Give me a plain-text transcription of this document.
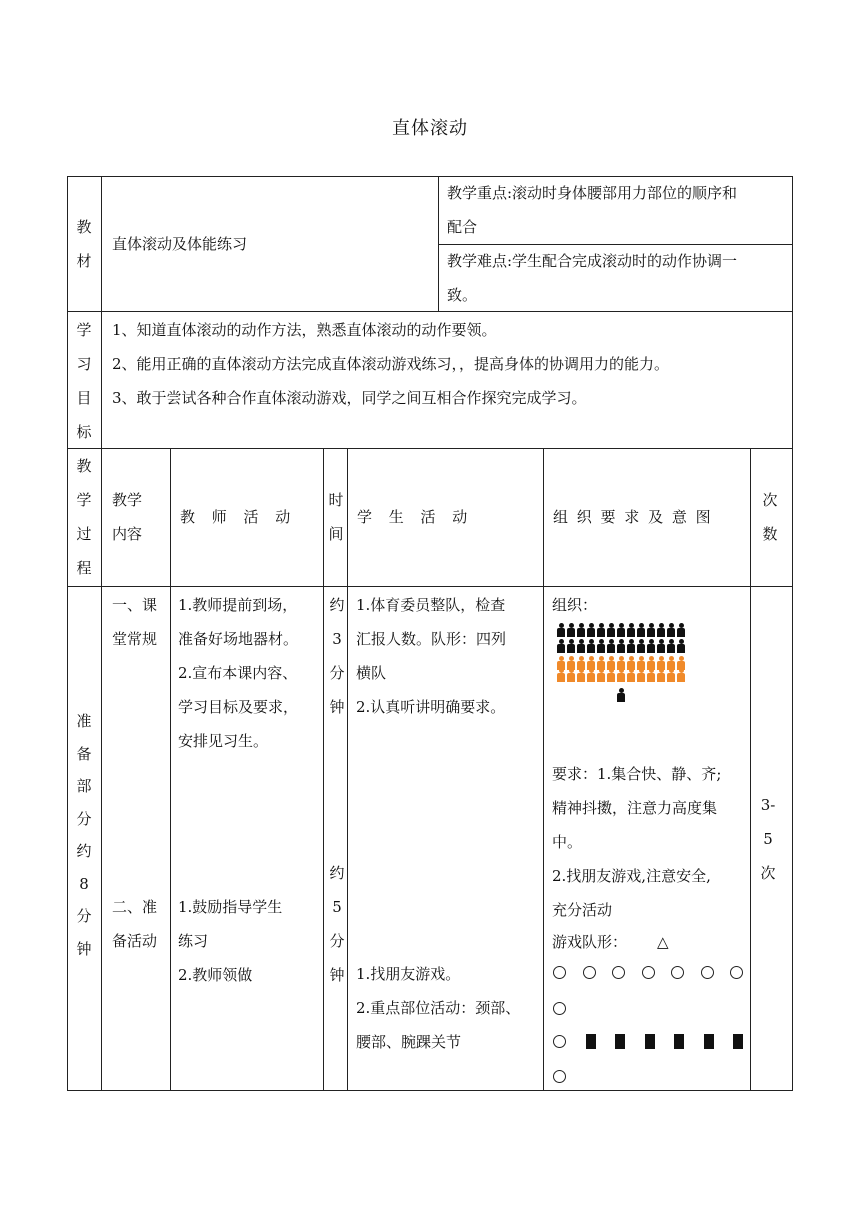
直体滚动
教
材
直体滚动及体能练习
教学重点:滚动时身体腰部用力部位的顺序和
配合
教学难点:学生配合完成滚动时的动作协调一
致。
学
习
目
标
1、知道直体滚动的动作方法，熟悉直体滚动的动作要领。
2、能用正确的直体滚动方法完成直体滚动游戏练习，，提高身体的协调用力的能力。
3、敢于尝试各种合作直体滚动游戏，同学之间互相合作探究完成学习。
教
学
过
程
教学
内容
教 师 活 动
时
间
学 生 活 动	组 织 要 求 及 意 图
次
数
准
备
部
分
约
8
分
钟
一、课
堂常规
1.教师提前到场，
准备好场地器材。
2.宣布本课内容、
学习目标及要求，
安排见习生。
约
3
分
钟
1.体育委员整队，检查
汇报人数。队形：四列
横队
2.认真听讲明确要求。
二、准
备活动
1.鼓励指导学生
练习
2.教师领做
约
5
分
钟 1.找朋友游戏。
2.重点部位活动：颈部、
腰部、腕踝关节
组织：
要求：1.集合快、静、齐;
精神抖擞，注意力高度集
中。
2.找朋友游戏,注意安全,
充分活动
游戏队形： △
3-
5
次
